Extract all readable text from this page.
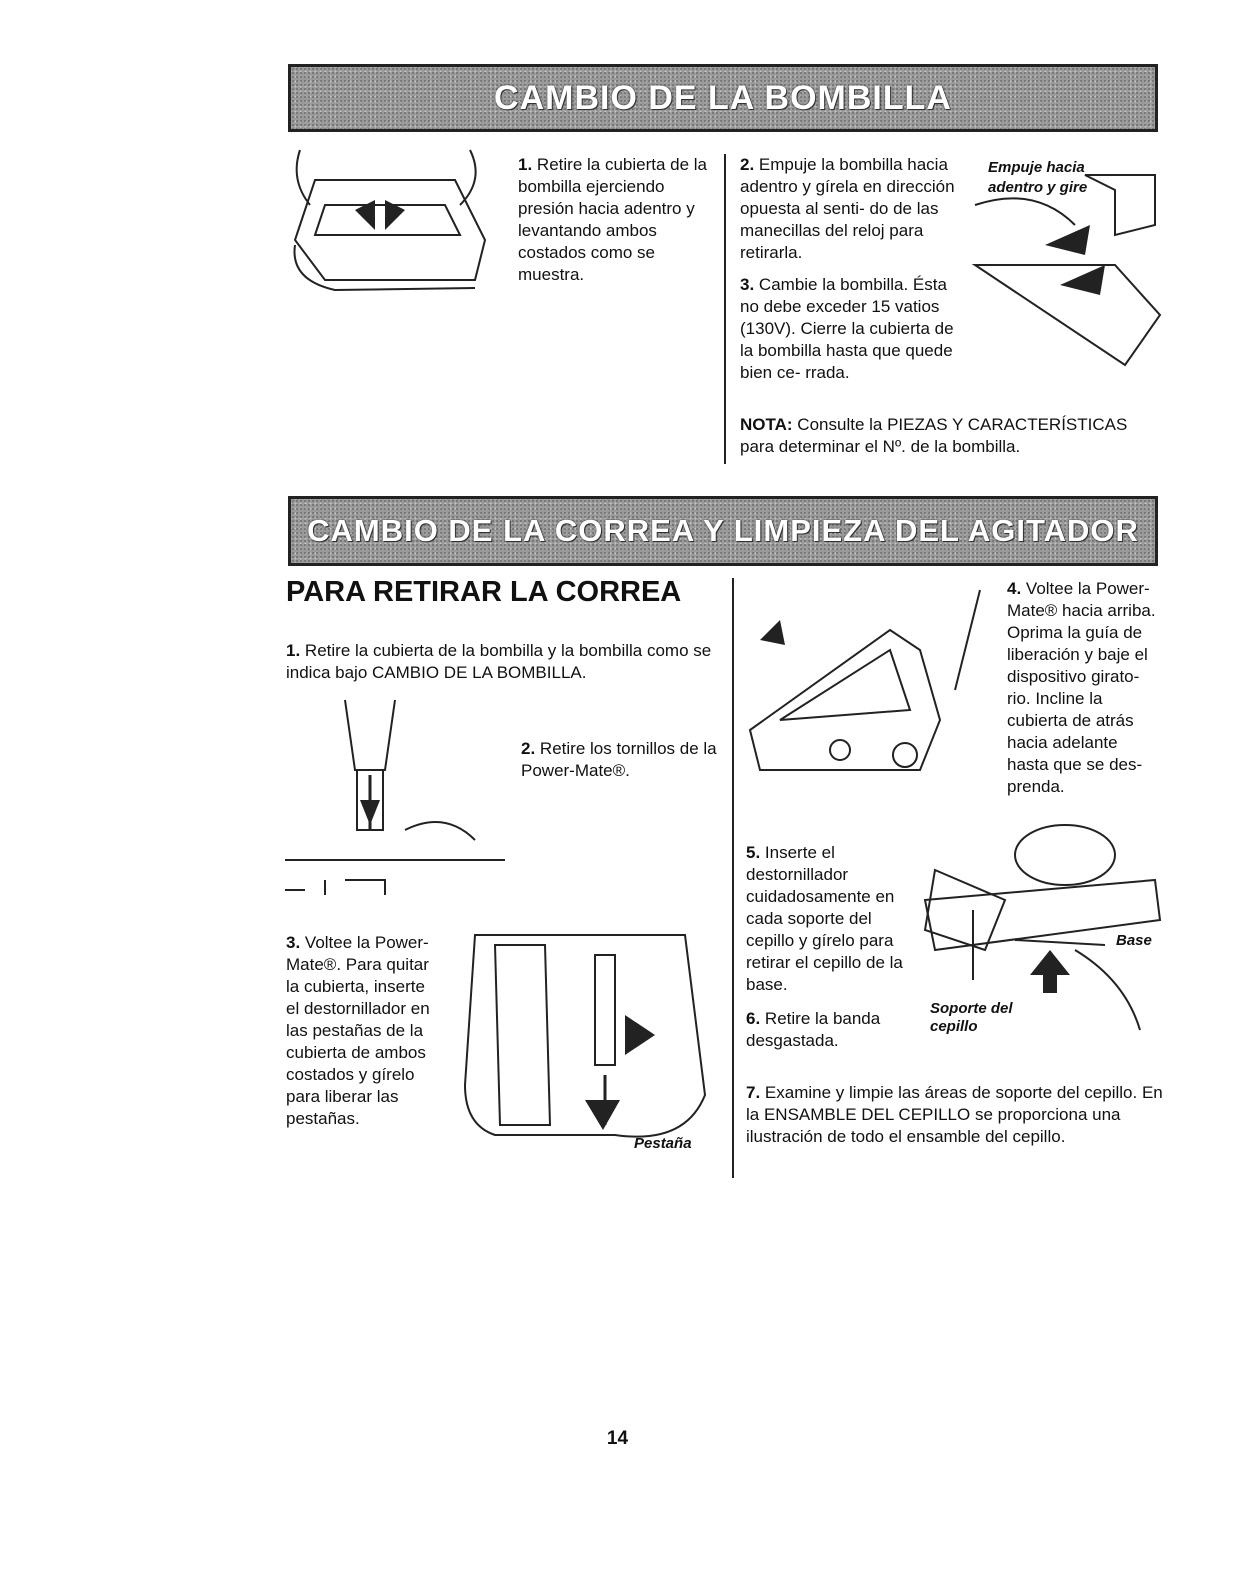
CAMBIO DE LA BOMBILLA
1. Retire la cubierta de la bombilla ejerciendo presión hacia adentro y levantando ambos costados como se muestra.
2. Empuje la bombilla hacia adentro y gírela en dirección opuesta al senti- do de las manecillas del reloj para retirarla.
3. Cambie la bombilla. Ésta no debe exceder 15 vatios (130V). Cierre la cubierta de la bombilla hasta que quede bien ce- rrada.
NOTA: Consulte la PIEZAS Y CARACTERÍSTICAS para determinar el Nº. de la bombilla.
Empuje hacia adentro y gire
CAMBIO DE LA CORREA Y LIMPIEZA DEL AGITADOR
PARA RETIRAR LA CORREA
1. Retire la cubierta de la bombilla y la bombilla como se indica bajo CAMBIO DE LA BOMBILLA.
2. Retire los tornillos de la Power-Mate®.
3. Voltee la Power-Mate®. Para quitar la cubierta, inserte el destornillador en las pestañas de la cubierta de ambos costados y gírelo para liberar las pestañas.
Pestaña
4. Voltee la Power-Mate® hacia arriba. Oprima la guía de liberación y baje el dispositivo girato- rio. Incline la cubierta de atrás hacia adelante hasta que se des- prenda.
5. Inserte el destornillador cuidadosamente en cada soporte del cepillo y gírelo para retirar el cepillo de la base.
6. Retire la banda desgastada.
Base
Soporte del cepillo
7. Examine y limpie las áreas de soporte del cepillo. En la ENSAMBLE DEL CEPILLO se proporciona una ilustración de todo el ensamble del cepillo.
14
